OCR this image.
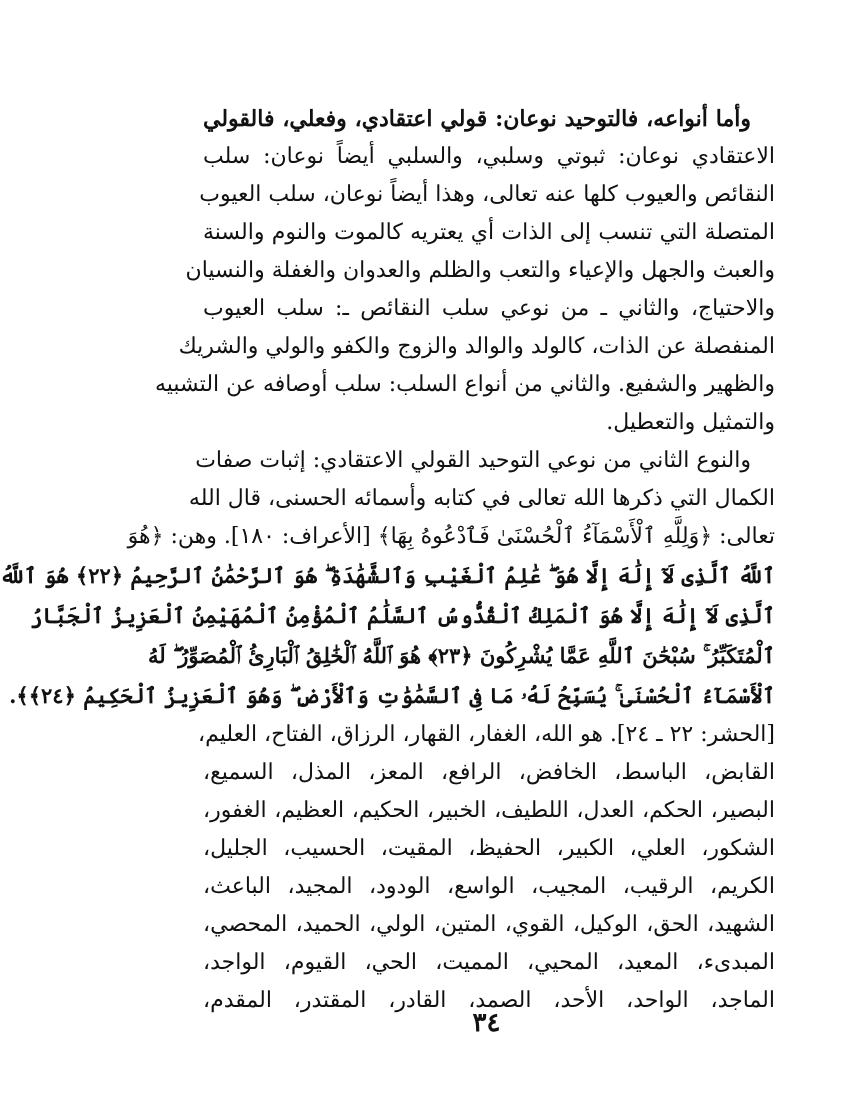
وأما أنواعه، فالتوحيد نوعان: قولي اعتقادي، وفعلي، فالقولي
الاعتقادي نوعان: ثبوتي وسلبي، والسلبي أيضاً نوعان: سلب
النقائص والعيوب كلها عنه تعالى، وهذا أيضاً نوعان، سلب العيوب
المتصلة التي تنسب إلى الذات أي يعتريه كالموت والنوم والسنة
والعبث والجهل والإعياء والتعب والظلم والعدوان والغفلة والنسيان
والاحتياج، والثاني ـ من نوعي سلب النقائص ـ: سلب العيوب
المنفصلة عن الذات، كالولد والوالد والزوج والكفو والولي والشريك
والظهير والشفيع. والثاني من أنواع السلب: سلب أوصافه عن التشبيه
والتمثيل والتعطيل.
والنوع الثاني من نوعي التوحيد القولي الاعتقادي: إثبات صفات
الكمال التي ذكرها الله تعالى في كتابه وأسمائه الحسنى، قال الله
تعالى: ﴿وَلِلَّهِ ٱلْأَسْمَآءُ ٱلْحُسْنَىٰ فَٱدْعُوهُ بِهَا﴾ [الأعراف: ١٨٠]. وهن: ﴿هُوَ
ٱللَّهُ ٱلَّذِى لَآ إِلَٰهَ إِلَّا هُوَ ۖ عَٰلِمُ ٱلْغَيْبِ وَٱلشَّهَٰدَةِ ۖ هُوَ ٱلرَّحْمَٰنُ ٱلرَّحِيمُ ﴿٢٢﴾ هُوَ ٱللَّهُ
ٱلَّذِى لَآ إِلَٰهَ إِلَّا هُوَ ٱلْمَلِكُ ٱلْقُدُّوسُ ٱلسَّلَٰمُ ٱلْمُؤْمِنُ ٱلْمُهَيْمِنُ ٱلْعَزِيزُ ٱلْجَبَّارُ
ٱلْمُتَكَبِّرُ ۚ سُبْحَٰنَ ٱللَّهِ عَمَّا يُشْرِكُونَ ﴿٢٣﴾ هُوَ ٱللَّهُ ٱلْخَٰلِقُ ٱلْبَارِئُ ٱلْمُصَوِّرُ ۖ لَهُ
ٱلْأَسْمَآءُ ٱلْحُسْنَىٰ ۚ يُسَبِّحُ لَهُۥ مَا فِى ٱلسَّمَٰوَٰتِ وَٱلْأَرْضِ ۖ وَهُوَ ٱلْعَزِيزُ ٱلْحَكِيمُ ﴿٢٤﴾﴾.
[الحشر: ٢٢ ـ ٢٤]. هو الله، الغفار، القهار، الرزاق، الفتاح، العليم،
القابض، الباسط، الخافض، الرافع، المعز، المذل، السميع،
البصير، الحكم، العدل، اللطيف، الخبير، الحكيم، العظيم، الغفور،
الشكور، العلي، الكبير، الحفيظ، المقيت، الحسيب، الجليل،
الكريم، الرقيب، المجيب، الواسع، الودود، المجيد، الباعث،
الشهيد، الحق، الوكيل، القوي، المتين، الولي، الحميد، المحصي،
المبدىء، المعيد، المحيي، المميت، الحي، القيوم، الواجد،
الماجد، الواحد، الأحد، الصمد، القادر، المقتدر، المقدم،
٣٤
